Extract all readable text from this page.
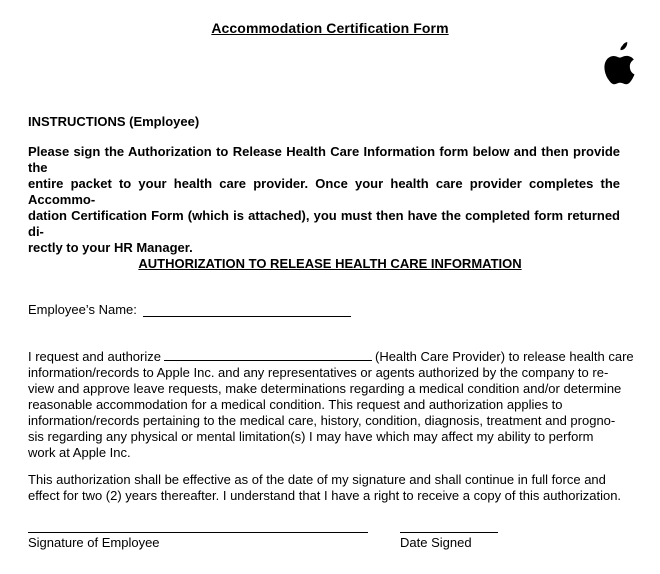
Accommodation Certification Form
INSTRUCTIONS (Employee)
Please sign the Authorization to Release Health Care Information form below and then provide the
entire packet to your health care provider. Once your health care provider completes the Accommo-
dation Certification Form (which is attached), you must then have the completed form returned di-
rectly to your HR Manager.
AUTHORIZATION TO RELEASE HEALTH CARE INFORMATION
Employee’s Name:
I request and authorize	(Health Care Provider) to release health care
information/records to Apple Inc. and any representatives or agents authorized by the company to re-
view and approve leave requests, make determinations regarding a medical condition and/or determine
reasonable accommodation for a medical condition. This request and authorization applies to
information/records pertaining to the medical care, history, condition, diagnosis, treatment and progno-
sis regarding any physical or mental limitation(s) I may have which may affect my ability to perform
work at Apple Inc.
This authorization shall be effective as of the date of my signature and shall continue in full force and
effect for two (2) years thereafter. I understand that I have a right to receive a copy of this authorization.
Signature of Employee	Date Signed
